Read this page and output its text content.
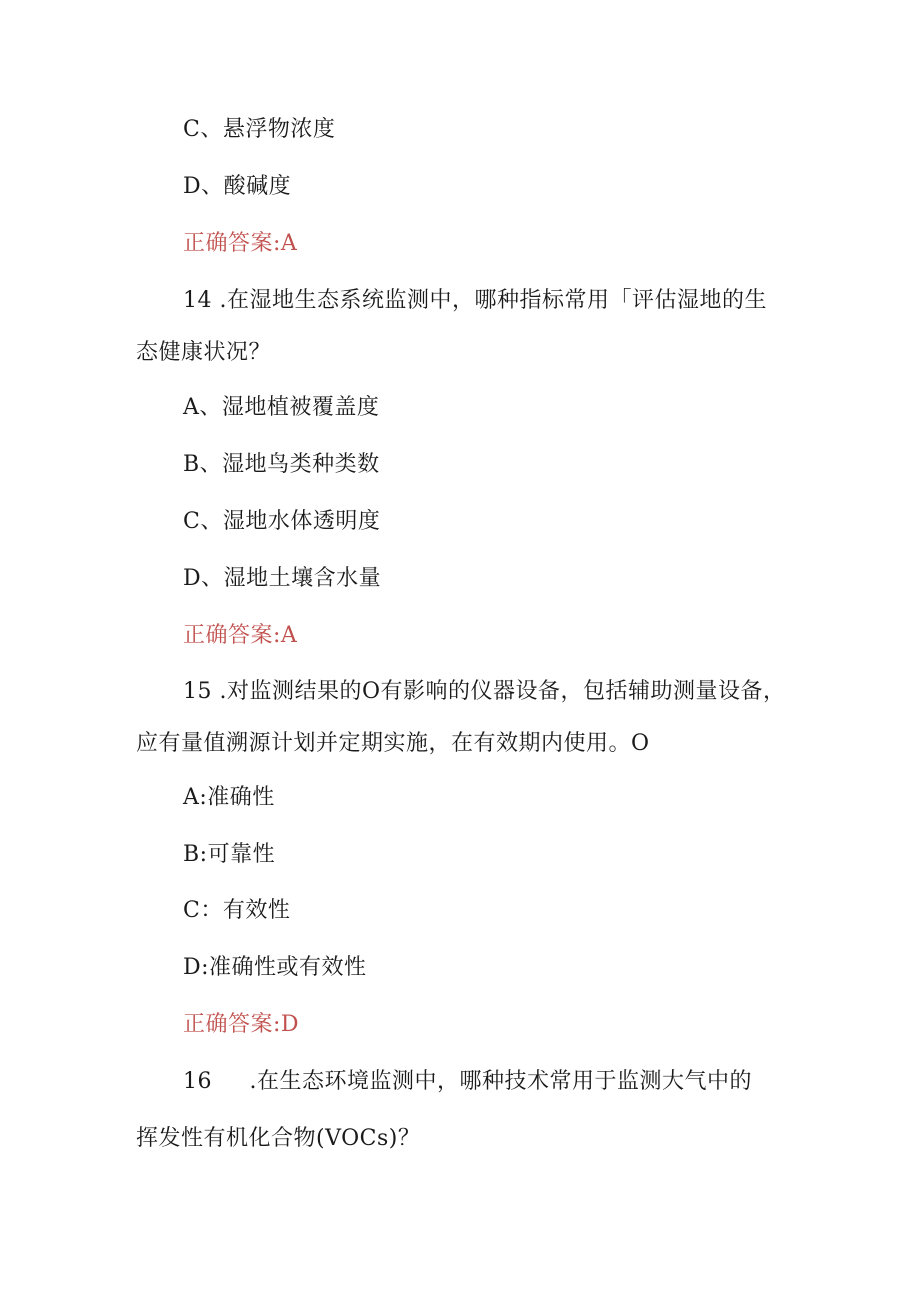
C、悬浮物浓度
D、酸碱度
正确答案:A
14 .在湿地生态系统监测中，哪种指标常用「评估湿地的生
态健康状况？
A、湿地植被覆盖度
B、湿地鸟类种类数
C、湿地水体透明度
D、湿地土壤含水量
正确答案:A
15 .对监测结果的O有影响的仪器设备，包括辅助测量设备，
应有量值溯源计划并定期实施，在有效期内使用。O
A:准确性
B:可靠性
C：有效性
D:准确性或有效性
正确答案:D
16     .在生态环境监测中，哪种技术常用于监测大气中的
挥发性有机化合物(VOCs)？
